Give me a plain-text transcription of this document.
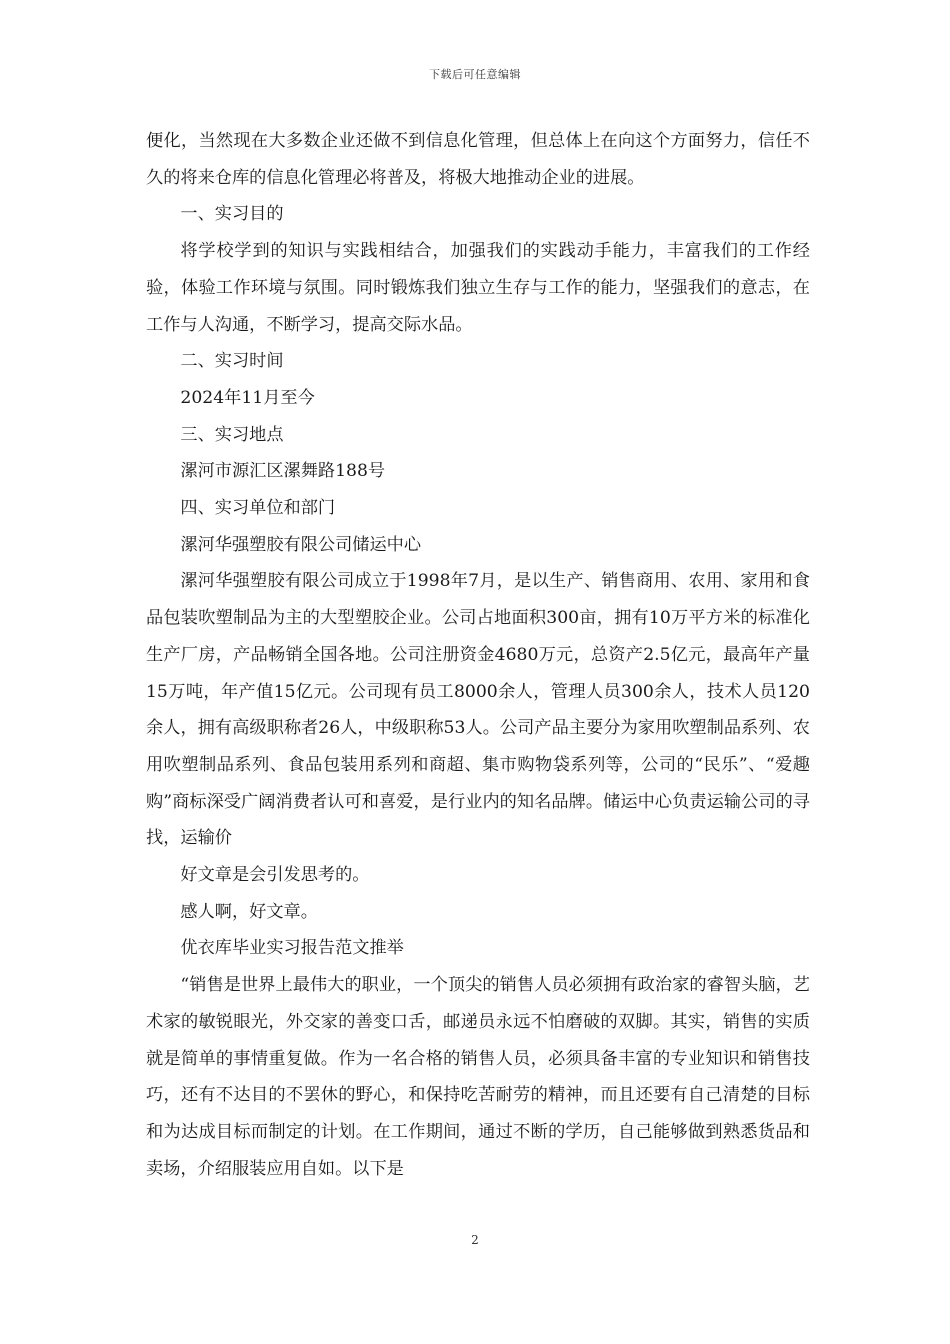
下载后可任意编辑

便化，当然现在大多数企业还做不到信息化管理，但总体上在向这个方面努力，信任不久的将来仓库的信息化管理必将普及，将极大地推动企业的进展。

一、实习目的

将学校学到的知识与实践相结合，加强我们的实践动手能力，丰富我们的工作经验，体验工作环境与氛围。同时锻炼我们独立生存与工作的能力，坚强我们的意志，在工作与人沟通，不断学习，提高交际水品。

二、实习时间

2024年11月至今

三、实习地点

漯河市源汇区漯舞路188号

四、实习单位和部门

漯河华强塑胶有限公司储运中心

漯河华强塑胶有限公司成立于1998年7月，是以生产、销售商用、农用、家用和食品包装吹塑制品为主的大型塑胶企业。公司占地面积300亩，拥有10万平方米的标准化生产厂房，产品畅销全国各地。公司注册资金4680万元，总资产2.5亿元，最高年产量15万吨，年产值15亿元。公司现有员工8000余人，管理人员300余人，技术人员120余人，拥有高级职称者26人，中级职称53人。公司产品主要分为家用吹塑制品系列、农用吹塑制品系列、食品包装用系列和商超、集市购物袋系列等，公司的“民乐”、“爱趣购”商标深受广阔消费者认可和喜爱，是行业内的知名品牌。储运中心负责运输公司的寻找，运输价

好文章是会引发思考的。

感人啊，好文章。

优衣库毕业实习报告范文推举

“销售是世界上最伟大的职业，一个顶尖的销售人员必须拥有政治家的睿智头脑，艺术家的敏锐眼光，外交家的善变口舌，邮递员永远不怕磨破的双脚。其实，销售的实质就是简单的事情重复做。作为一名合格的销售人员，必须具备丰富的专业知识和销售技巧，还有不达目的不罢休的野心，和保持吃苦耐劳的精神，而且还要有自己清楚的目标和为达成目标而制定的计划。在工作期间，通过不断的学历，自己能够做到熟悉货品和卖场，介绍服装应用自如。以下是

2
